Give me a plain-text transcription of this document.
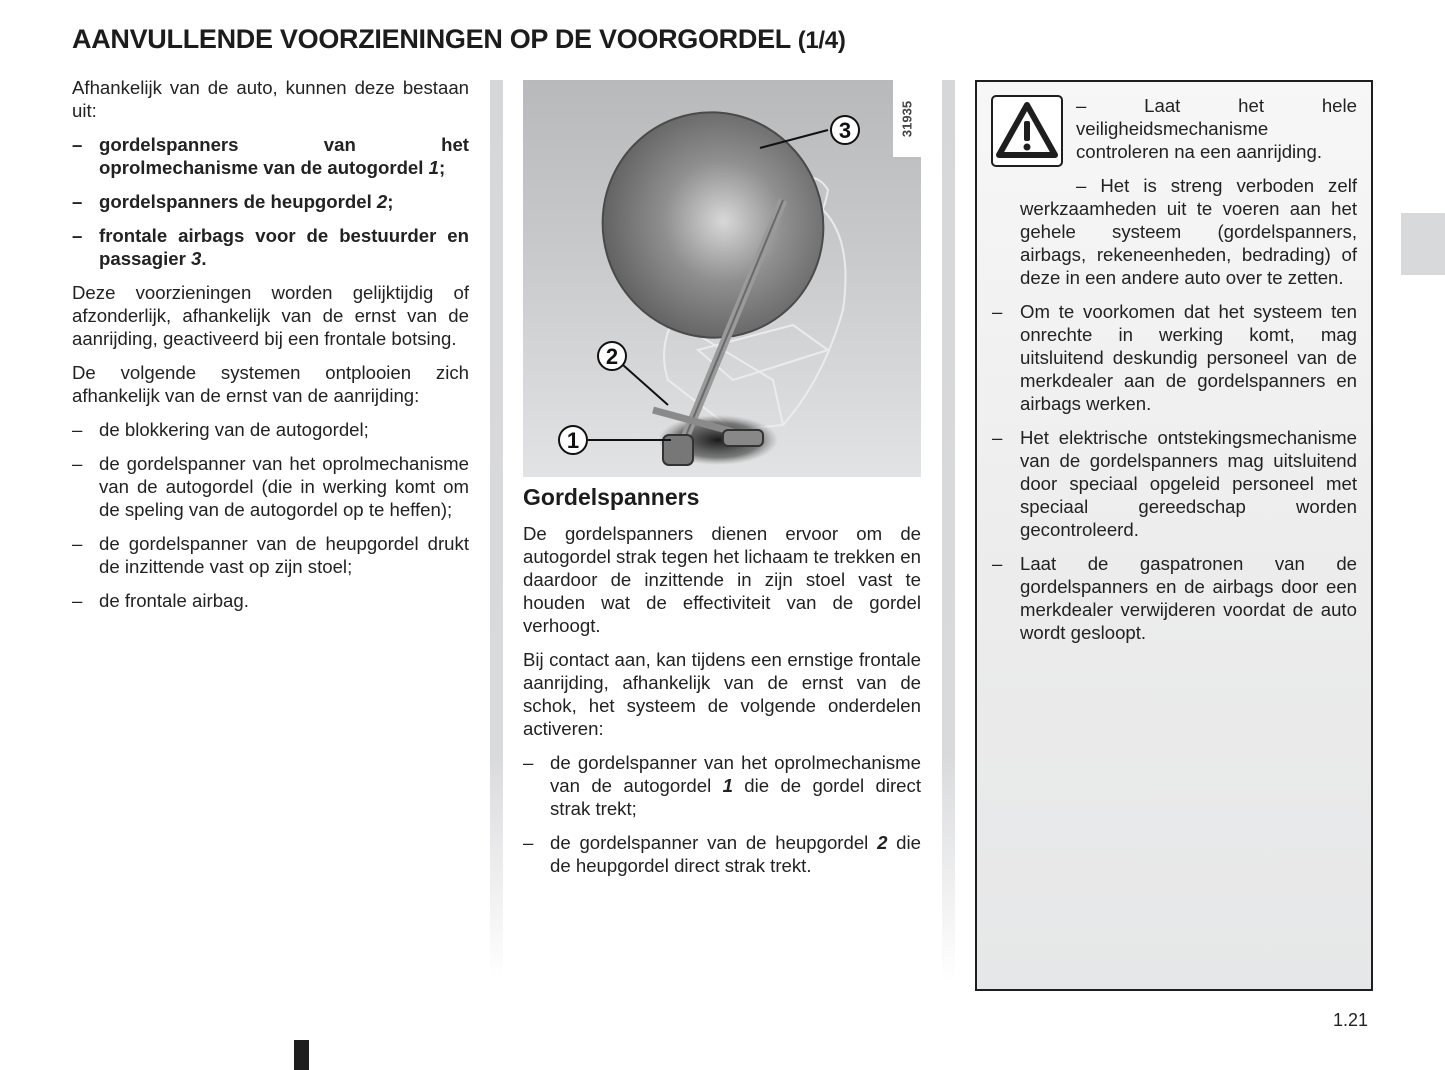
AANVULLENDE VOORZIENINGEN OP DE VOORGORDEL (1/4)

Afhankelijk van de auto, kunnen deze bestaan uit:

– gordelspanners van het oprolmechanisme van de autogordel 1;
– gordelspanners de heupgordel 2;
– frontale airbags voor de bestuurder en passagier 3.

Deze voorzieningen worden gelijktijdig of afzonderlijk, afhankelijk van de ernst van de aanrijding, geactiveerd bij een frontale botsing.

De volgende systemen ontplooien zich afhankelijk van de ernst van de aanrijding:

– de blokkering van de autogordel;
– de gordelspanner van het oprolmechanisme van de autogordel (die in werking komt om de speling van de autogordel op te heffen);
– de gordelspanner van de heupgordel drukt de inzittende vast op zijn stoel;
– de frontale airbag.
3
2
1
31935
Gordelspanners

De gordelspanners dienen ervoor om de autogordel strak tegen het lichaam te trekken en daardoor de inzittende in zijn stoel vast te houden wat de effectiviteit van de gordel verhoogt.

Bij contact aan, kan tijdens een ernstige frontale aanrijding, afhankelijk van de ernst van de schok, het systeem de volgende onderdelen activeren:

– de gordelspanner van het oprolmechanisme van de autogordel 1 die de gordel direct strak trekt;
– de gordelspanner van de heupgordel 2 die de heupgordel direct strak trekt.

– Laat het hele veiligheidsmechanisme controleren na een aanrijding.

– Het is streng verboden zelf werkzaamheden uit te voeren aan het gehele systeem (gordelspanners, airbags, rekeneenheden, bedrading) of deze in een andere auto over te zetten.

– Om te voorkomen dat het systeem ten onrechte in werking komt, mag uitsluitend deskundig personeel van de merkdealer aan de gordelspanners en airbags werken.
– Het elektrische ontstekingsmechanisme van de gordelspanners mag uitsluitend door speciaal opgeleid personeel met speciaal gereedschap worden gecontroleerd.
– Laat de gaspatronen van de gordelspanners en de airbags door een merkdealer verwijderen voordat de auto wordt gesloopt.
1.21
